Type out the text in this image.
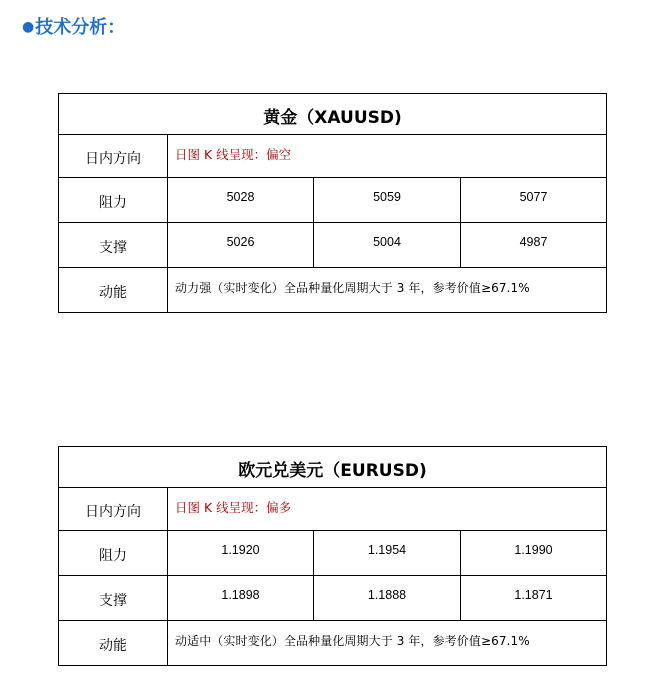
●技术分析：
黄金（XAUUSD)			
日内方向	日图 K 线呈现：偏空		
阻力	5028	5059	5077
支撑	5026	5004	4987
动能	动力强（实时变化）全品种量化周期大于 3 年，参考价值≥67.1%		
欧元兑美元（EURUSD)			
日内方向	日图 K 线呈现：偏多		
阻力	1.1920	1.1954	1.1990
支撑	1.1898	1.1888	1.1871
动能	动适中（实时变化）全品种量化周期大于 3 年，参考价值≥67.1%		
